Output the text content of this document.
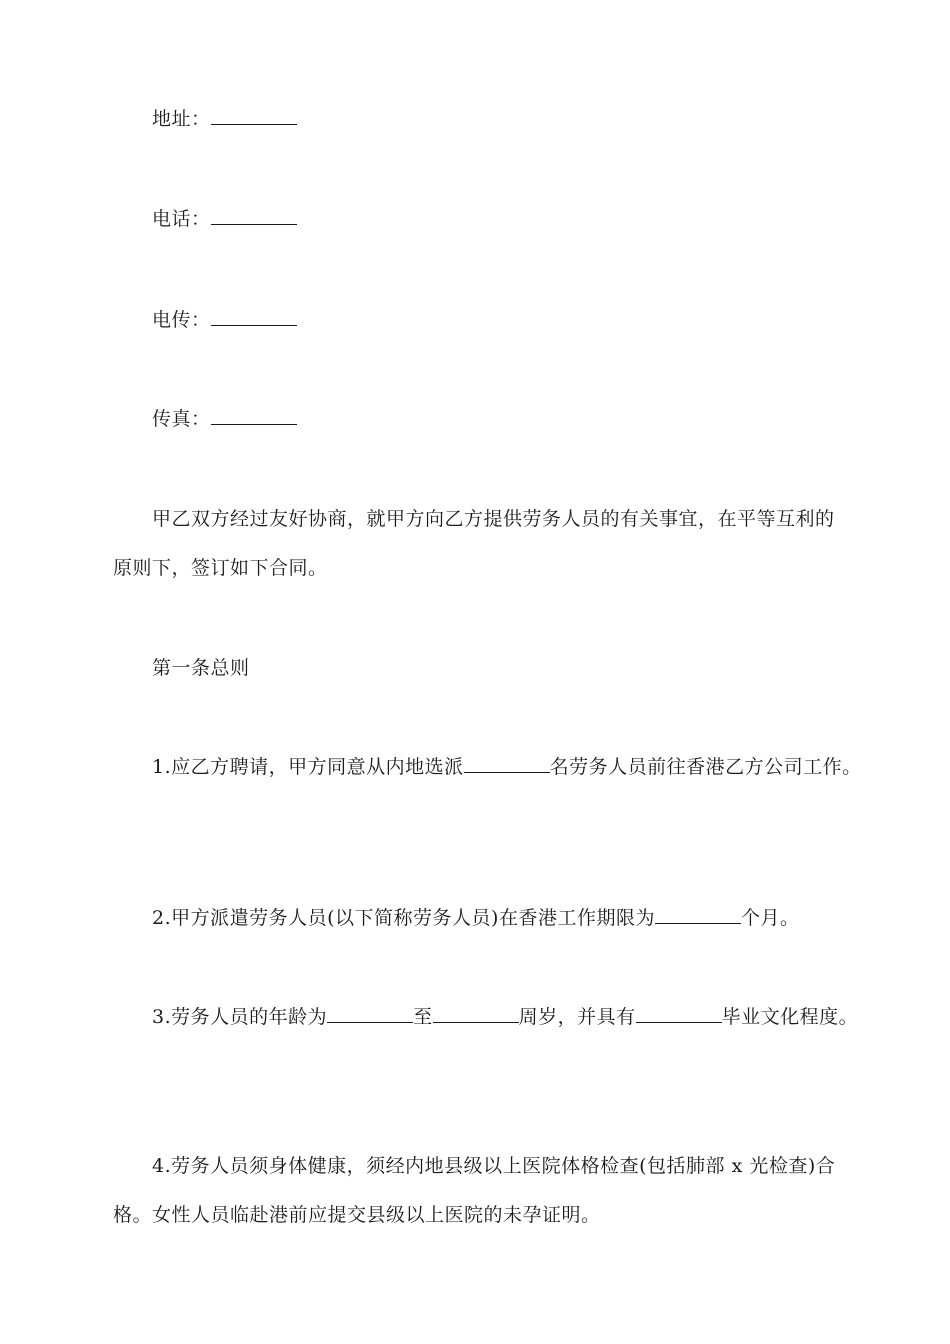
地址：
电话：
电传：
传真：
甲乙双方经过友好协商，就甲方向乙方提供劳务人员的有关事宜，在平等互利的
原则下，签订如下合同。
第一条总则
1.应乙方聘请，甲方同意从内地选派	名劳务人员前往香港乙方公司工作。
2.甲方派遣劳务人员(以下简称劳务人员)在香港工作期限为	个月。
3.劳务人员的年龄为	至	周岁，并具有	毕业文化程度。
4.劳务人员须身体健康，须经内地县级以上医院体格检查(包括肺部 x 光检查)合
格。女性人员临赴港前应提交县级以上医院的未孕证明。
